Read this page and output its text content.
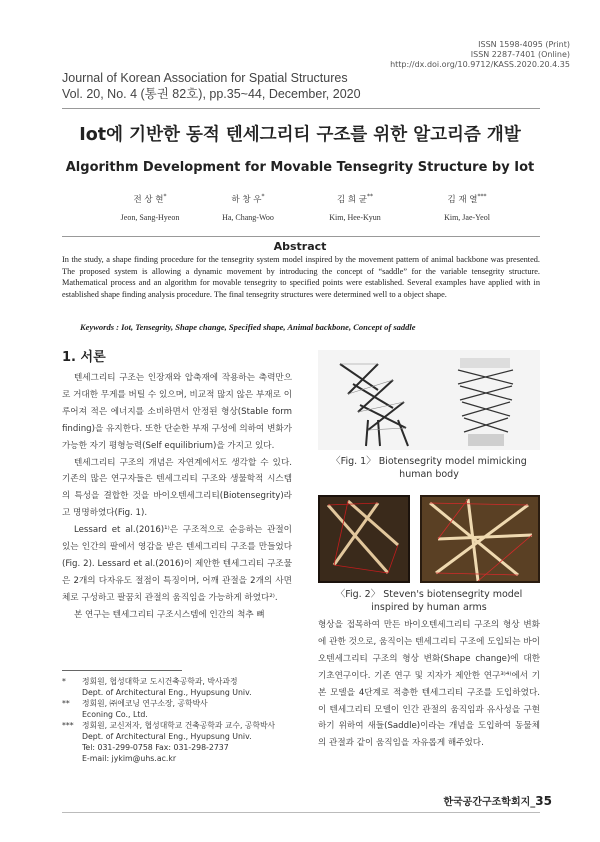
ISSN 1598-4095 (Print)
ISSN 2287-7401 (Online)
http://dx.doi.org/10.9712/KASS.2020.20.4.35
Journal of Korean Association for Spatial Structures
Vol. 20, No. 4 (통권 82호), pp.35~44, December, 2020
Iot에 기반한 동적 텐세그리티 구조를 위한 알고리즘 개발
Algorithm Development for Movable Tensegrity Structure by Iot
전 상 현*
Jeon, Sang-Hyeon
하 창 우*
Ha, Chang-Woo
김 희 균**
Kim, Hee-Kyun
김 재 열***
Kim, Jae-Yeol
Abstract
In the study, a shape finding procedure for the tensegrity system model inspired by the movement pattern of animal backbone was presented. The proposed system is allowing a dynamic movement by introducing the concept of “saddle” for the variable tensegrity structure. Mathematical process and an algorithm for movable tensegrity to specified points were established. Several examples have applied with in established shape finding analysis procedure. The final tensegrity structures were determined well to a object shape.
Keywords : Iot, Tensegrity, Shape change, Specified shape, Animal backbone, Concept of saddle
1. 서론

텐세그리티 구조는 인장재와 압축재에 작용하는 축력만으로 거대한 무게를 버틸 수 있으며, 비교적 많지 않은 부재로 이루어져 적은 에너지를 소비하면서 안정된 형상(Stable form finding)을 유지한다. 또한 단순한 부재 구성에 의하여 변화가 가능한 자기 평형능력(Self equilibrium)을 가지고 있다.

텐세그리티 구조의 개념은 자연계에서도 생각할 수 있다. 기존의 많은 연구자들은 텐세그리티 구조와 생물학적 시스템의 특성을 결합한 것을 바이오텐세그리티(Biotensegrity)라고 명명하였다(Fig. 1).

Lessard et al.(2016)¹⁾은 구조적으로 순응하는 관절이 있는 인간의 팔에서 영감을 받은 텐세그리티 구조를 만들었다(Fig. 2). Lessard et al.(2016)이 제안한 텐세그리티 구조물은 2개의 다자유도 절점이 특징이며, 어깨 관절을 2개의 사면체로 구성하고 팔꿈치 관절의 움직임을 가능하게 하였다²⁾.

본 연구는 텐세그리티 구조시스템에 인간의 척추 뼈

〈Fig. 1〉 Biotensegrity model mimicking
human body
〈Fig. 2〉 Steven's biotensegrity model
inspired by human arms

형상을 접목하여 만든 바이오텐세그리티 구조의 형상 변화에 관한 것으로, 움직이는 텐세그리티 구조에 도입되는 바이오텐세그리티 구조의 형상 변화(Shape change)에 대한 기초연구이다. 기존 연구 및 지자가 제안한 연구³⁾⁴⁾에서 기본 모델을 4단계로 적층한 텐세그리티 구조를 도입하였다. 이 텐세그리티 모델이 인간 관절의 움직임과 유사성을 구현하기 위하여 새들(Saddle)이라는 개념을 도입하여 동물체의 관절과 같이 움직임을 자유롭게 해주었다.

*	정회원, 협성대학교 도시건축공학과, 박사과정
Dept. of Architectural Eng., Hyupsung Univ.
**	정회원, ㈜에코닝 연구소장, 공학박사
Econing Co., Ltd.
***	정회원, 교신저자, 협성대학교 건축공학과 교수, 공학박사
Dept. of Architectural Eng., Hyupsung Univ.
Tel: 031-299-0758 Fax: 031-298-2737
E-mail: jykim@uhs.ac.kr
한국공간구조학회지_35
